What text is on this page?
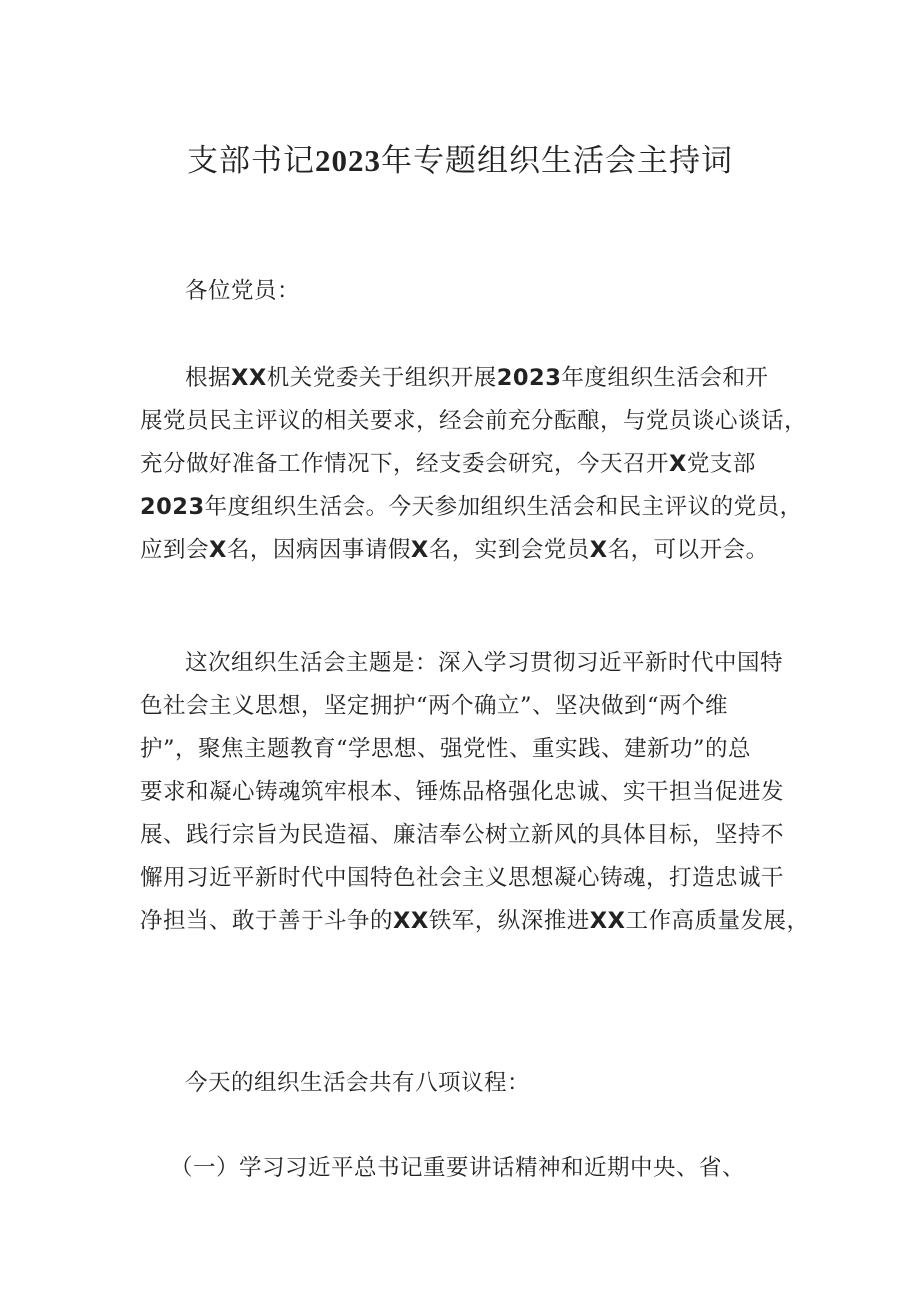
支部书记2023年专题组织生活会主持词
各位党员：
根据XX机关党委关于组织开展2023年度组织生活会和开
展党员民主评议的相关要求，经会前充分酝酿，与党员谈心谈话，
充分做好准备工作情况下，经支委会研究，今天召开X党支部
2023年度组织生活会。今天参加组织生活会和民主评议的党员，
应到会X名，因病因事请假X名，实到会党员X名，可以开会。
这次组织生活会主题是：深入学习贯彻习近平新时代中国特
色社会主义思想，坚定拥护“两个确立”、坚决做到“两个维
护”，聚焦主题教育“学思想、强党性、重实践、建新功”的总
要求和凝心铸魂筑牢根本、锤炼品格强化忠诚、实干担当促进发
展、践行宗旨为民造福、廉洁奉公树立新风的具体目标，坚持不
懈用习近平新时代中国特色社会主义思想凝心铸魂，打造忠诚干
净担当、敢于善于斗争的XX铁军，纵深推进XX工作高质量发展，
今天的组织生活会共有八项议程：
（一）学习习近平总书记重要讲话精神和近期中央、省、
